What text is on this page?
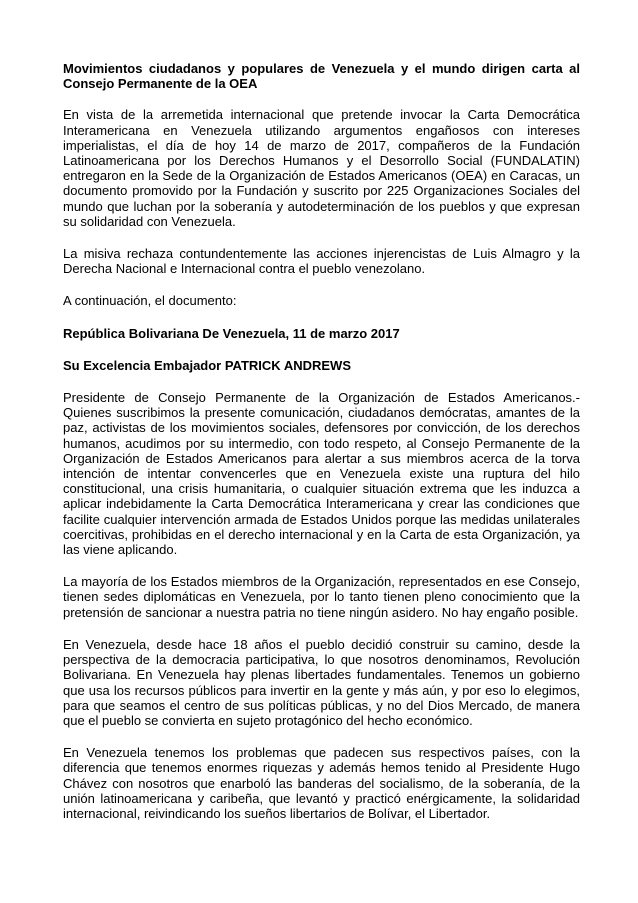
Movimientos ciudadanos y populares de Venezuela y el mundo dirigen carta al Consejo Permanente de la OEA

En vista de la arremetida internacional que pretende invocar la Carta Democrática Interamericana en Venezuela utilizando argumentos engañosos con intereses imperialistas, el día de hoy 14 de marzo de 2017, compañeros de la Fundación Latinoamericana por los Derechos Humanos y el Desorrollo Social (FUNDALATIN) entregaron en la Sede de la Organización de Estados Americanos (OEA) en Caracas, un documento promovido por la Fundación y suscrito por 225 Organizaciones Sociales del mundo que luchan por la soberanía y autodeterminación de los pueblos y que expresan su solidaridad con Venezuela.

La misiva rechaza contundentemente las acciones injerencistas de Luis Almagro y la Derecha Nacional e Internacional contra el pueblo venezolano.

A continuación, el documento:

República Bolivariana De Venezuela, 11 de marzo 2017

Su Excelencia Embajador PATRICK ANDREWS

Presidente de Consejo Permanente de la Organización de Estados Americanos.- Quienes suscribimos la presente comunicación, ciudadanos demócratas, amantes de la paz, activistas de los movimientos sociales, defensores por convicción, de los derechos humanos, acudimos por su intermedio, con todo respeto, al Consejo Permanente de la Organización de Estados Americanos para alertar a sus miembros acerca de la torva intención de intentar convencerles que en Venezuela existe una ruptura del hilo constitucional, una crisis humanitaria, o cualquier situación extrema que les induzca a aplicar indebidamente la Carta Democrática Interamericana y crear las condiciones que facilite cualquier intervención armada de Estados Unidos porque las medidas unilaterales coercitivas, prohibidas en el derecho internacional y en la Carta de esta Organización, ya las viene aplicando.

La mayoría de los Estados miembros de la Organización, representados en ese Consejo, tienen sedes diplomáticas en Venezuela, por lo tanto tienen pleno conocimiento que la pretensión de sancionar a nuestra patria no tiene ningún asidero. No hay engaño posible.

En Venezuela, desde hace 18 años el pueblo decidió construir su camino, desde la perspectiva de la democracia participativa, lo que nosotros denominamos, Revolución Bolivariana. En Venezuela hay plenas libertades fundamentales. Tenemos un gobierno que usa los recursos públicos para invertir en la gente y más aún, y por eso lo elegimos, para que seamos el centro de sus políticas públicas, y no del Dios Mercado, de manera que el pueblo se convierta en sujeto protagónico del hecho económico.

En Venezuela tenemos los problemas que padecen sus respectivos países, con la diferencia que tenemos enormes riquezas y además hemos tenido al Presidente Hugo Chávez con nosotros que enarboló las banderas del socialismo, de la soberanía, de la unión latinoamericana y caribeña, que levantó y practicó enérgicamente, la solidaridad internacional, reivindicando los sueños libertarios de Bolívar, el Libertador.
